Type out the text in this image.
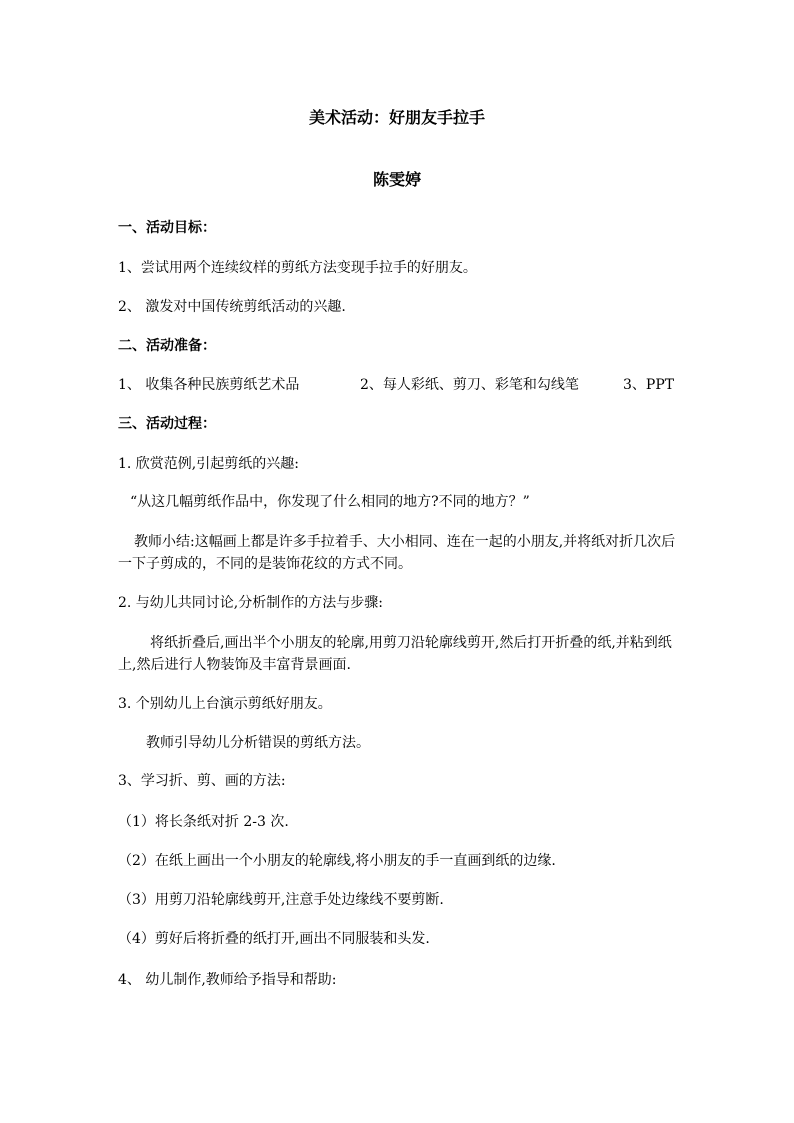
美术活动：好朋友手拉手
陈雯婷
一、活动目标：
1、尝试用两个连续纹样的剪纸方法变现手拉手的好朋友。
2、 激发对中国传统剪纸活动的兴趣.
二、活动准备：
1、 收集各种民族剪纸艺术品	2、每人彩纸、剪刀、彩笔和勾线笔	3、PPT
三、活动过程：
1. 欣赏范例,引起剪纸的兴趣:
“从这几幅剪纸作品中，你发现了什么相同的地方?不同的地方？”
教师小结:这幅画上都是许多手拉着手、大小相同、连在一起的小朋友,并将纸对折几次后一下子剪成的，不同的是装饰花纹的方式不同。
2. 与幼儿共同讨论,分析制作的方法与步骤:
将纸折叠后,画出半个小朋友的轮廓,用剪刀沿轮廓线剪开,然后打开折叠的纸,并粘到纸上,然后进行人物装饰及丰富背景画面.
3. 个别幼儿上台演示剪纸好朋友。
教师引导幼儿分析错误的剪纸方法。
3、学习折、剪、画的方法:
（1）将长条纸对折 2-3 次.
（2）在纸上画出一个小朋友的轮廓线,将小朋友的手一直画到纸的边缘.
（3）用剪刀沿轮廓线剪开,注意手处边缘线不要剪断.
（4）剪好后将折叠的纸打开,画出不同服装和头发.
4、 幼儿制作,教师给予指导和帮助:
